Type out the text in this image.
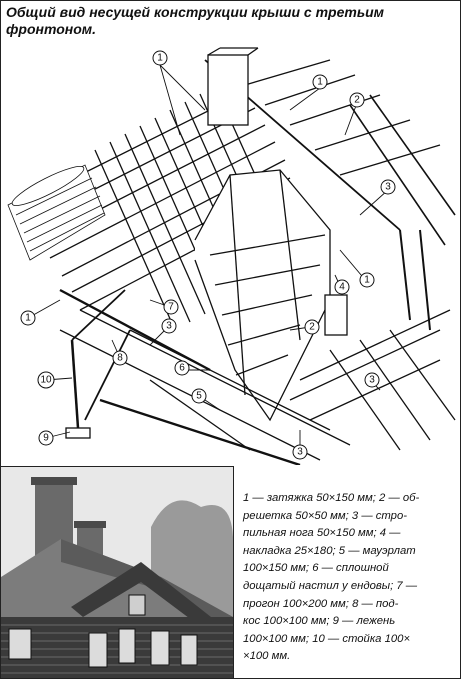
Общий вид несущей конструкции крыши с третьим фронтоном.
1
1
1
1
2
2
3
3
3
3
4
5
6
7
8
9
10

1 — затяжка 50×150 мм; 2 — об-

решетка 50×50 мм; 3 — стро-

пильная нога 50×150 мм; 4 —

накладка 25×180; 5 — мауэрлат

100×150 мм; 6 — сплошной

дощатый настил у ендовы; 7 —

прогон 100×200 мм; 8 — под-

кос 100×100 мм; 9 — лежень

100×100 мм; 10 — стойка 100×

×100 мм.
